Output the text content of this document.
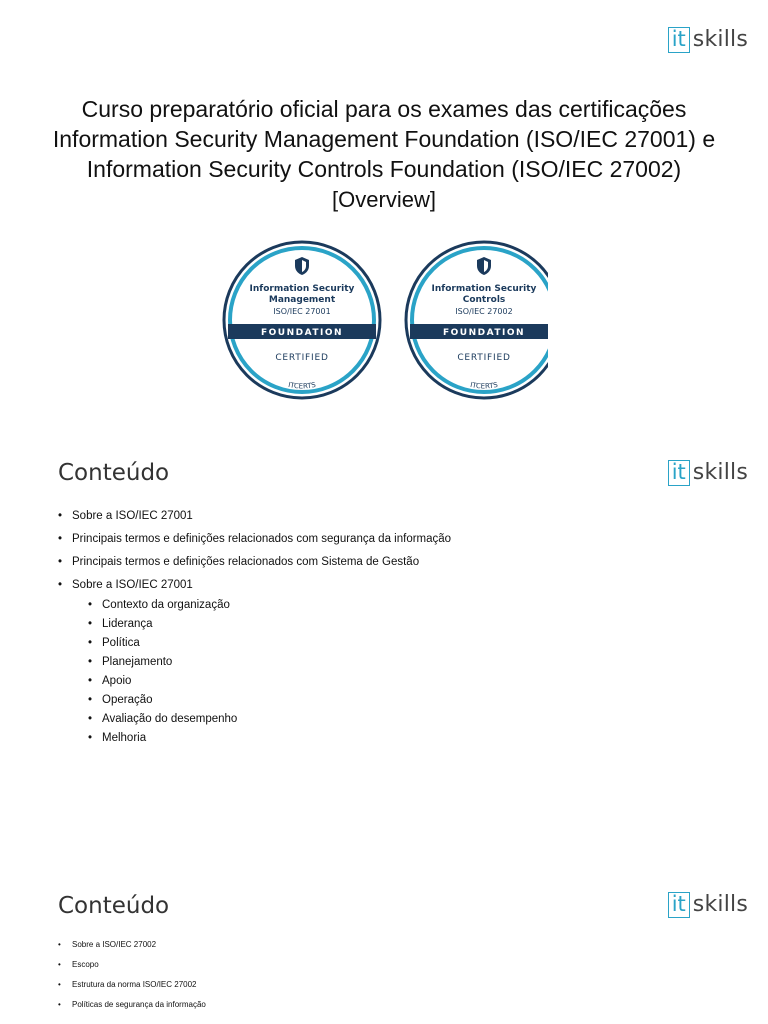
it skills
Curso preparatório oficial para os exames das certificações
Information Security Management Foundation (ISO/IEC 27001) e
Information Security Controls Foundation (ISO/IEC 27002)
[Overview]
Information Security
Management
ISO/IEC 27001
FOUNDATION
CERTIFIED
ITCERTS
Information Security
Controls
ISO/IEC 27002
FOUNDATION
CERTIFIED
ITCERTS
Conteúdo	it skills
• Sobre a ISO/IEC 27001
• Principais termos e definições relacionados com segurança da informação
• Principais termos e definições relacionados com Sistema de Gestão
• Sobre a ISO/IEC 27001
• Contexto da organização
• Liderança
• Política
• Planejamento
• Apoio
• Operação
• Avaliação do desempenho
• Melhoria
Conteúdo	it skills
• Sobre a ISO/IEC 27002
• Escopo
• Estrutura da norma ISO/IEC 27002
• Políticas de segurança da informação
